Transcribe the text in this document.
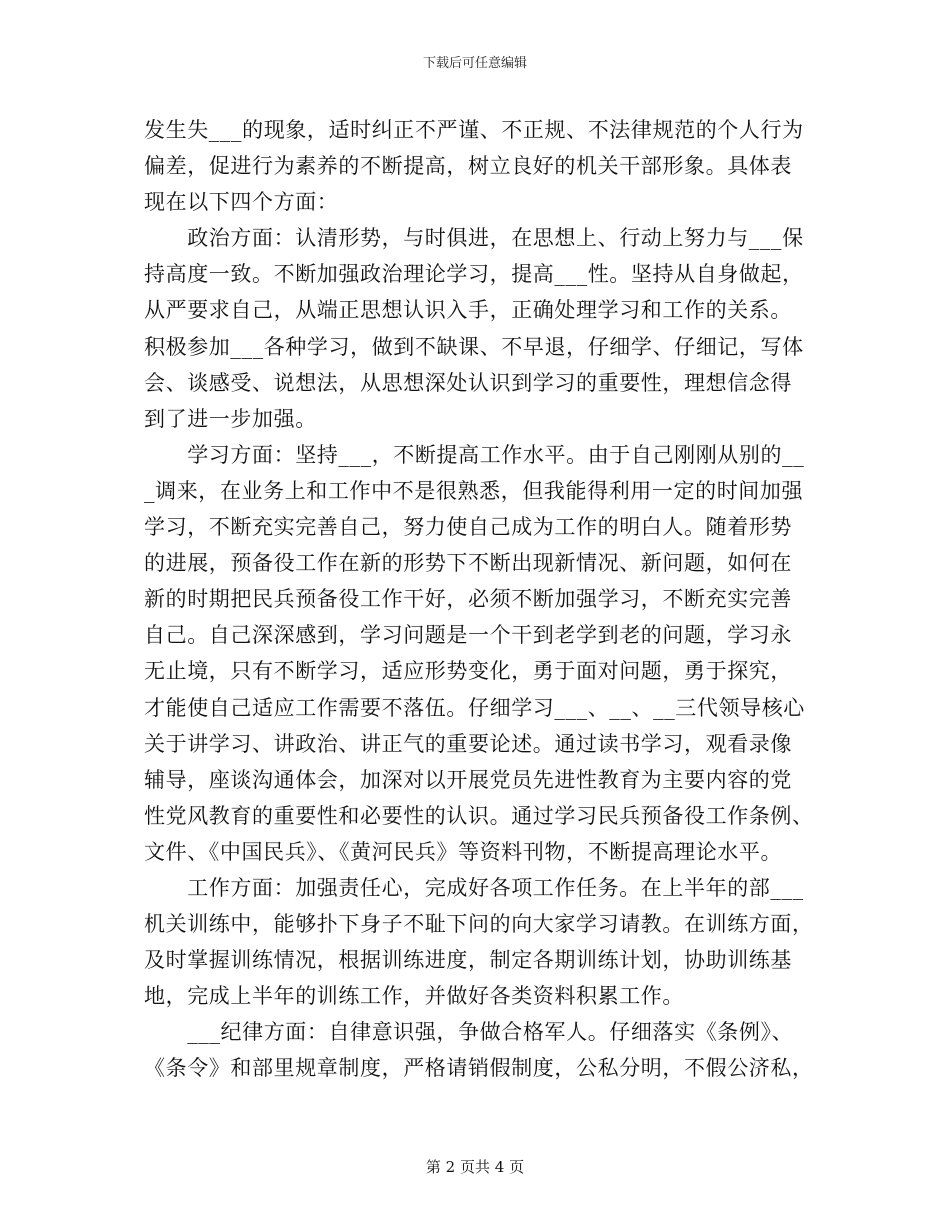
下载后可任意编辑
发生失___的现象，适时纠正不严谨、不正规、不法律规范的个人行为
偏差，促进行为素养的不断提高，树立良好的机关干部形象。具体表
现在以下四个方面：
　　政治方面：认清形势，与时俱进，在思想上、行动上努力与___保
持高度一致。不断加强政治理论学习，提高___性。坚持从自身做起，
从严要求自己，从端正思想认识入手，正确处理学习和工作的关系。
积极参加___各种学习，做到不缺课、不早退，仔细学、仔细记，写体
会、谈感受、说想法，从思想深处认识到学习的重要性，理想信念得
到了进一步加强。
　　学习方面：坚持___，不断提高工作水平。由于自己刚刚从别的__
_调来，在业务上和工作中不是很熟悉，但我能得利用一定的时间加强
学习，不断充实完善自己，努力使自己成为工作的明白人。随着形势
的进展，预备役工作在新的形势下不断出现新情况、新问题，如何在
新的时期把民兵预备役工作干好，必须不断加强学习，不断充实完善
自己。自己深深感到，学习问题是一个干到老学到老的问题，学习永
无止境，只有不断学习，适应形势变化，勇于面对问题，勇于探究，
才能使自己适应工作需要不落伍。仔细学习___、__、__三代领导核心
关于讲学习、讲政治、讲正气的重要论述。通过读书学习，观看录像
辅导，座谈沟通体会，加深对以开展党员先进性教育为主要内容的党
性党风教育的重要性和必要性的认识。通过学习民兵预备役工作条例、
文件、《中国民兵》、《黄河民兵》等资料刊物，不断提高理论水平。
　　工作方面：加强责任心，完成好各项工作任务。在上半年的部___
机关训练中，能够扑下身子不耻下问的向大家学习请教。在训练方面，
及时掌握训练情况，根据训练进度，制定各期训练计划，协助训练基
地，完成上半年的训练工作，并做好各类资料积累工作。
　　___纪律方面：自律意识强，争做合格军人。仔细落实《条例》、
《条令》和部里规章制度，严格请销假制度，公私分明，不假公济私，
第 2 页共 4 页
